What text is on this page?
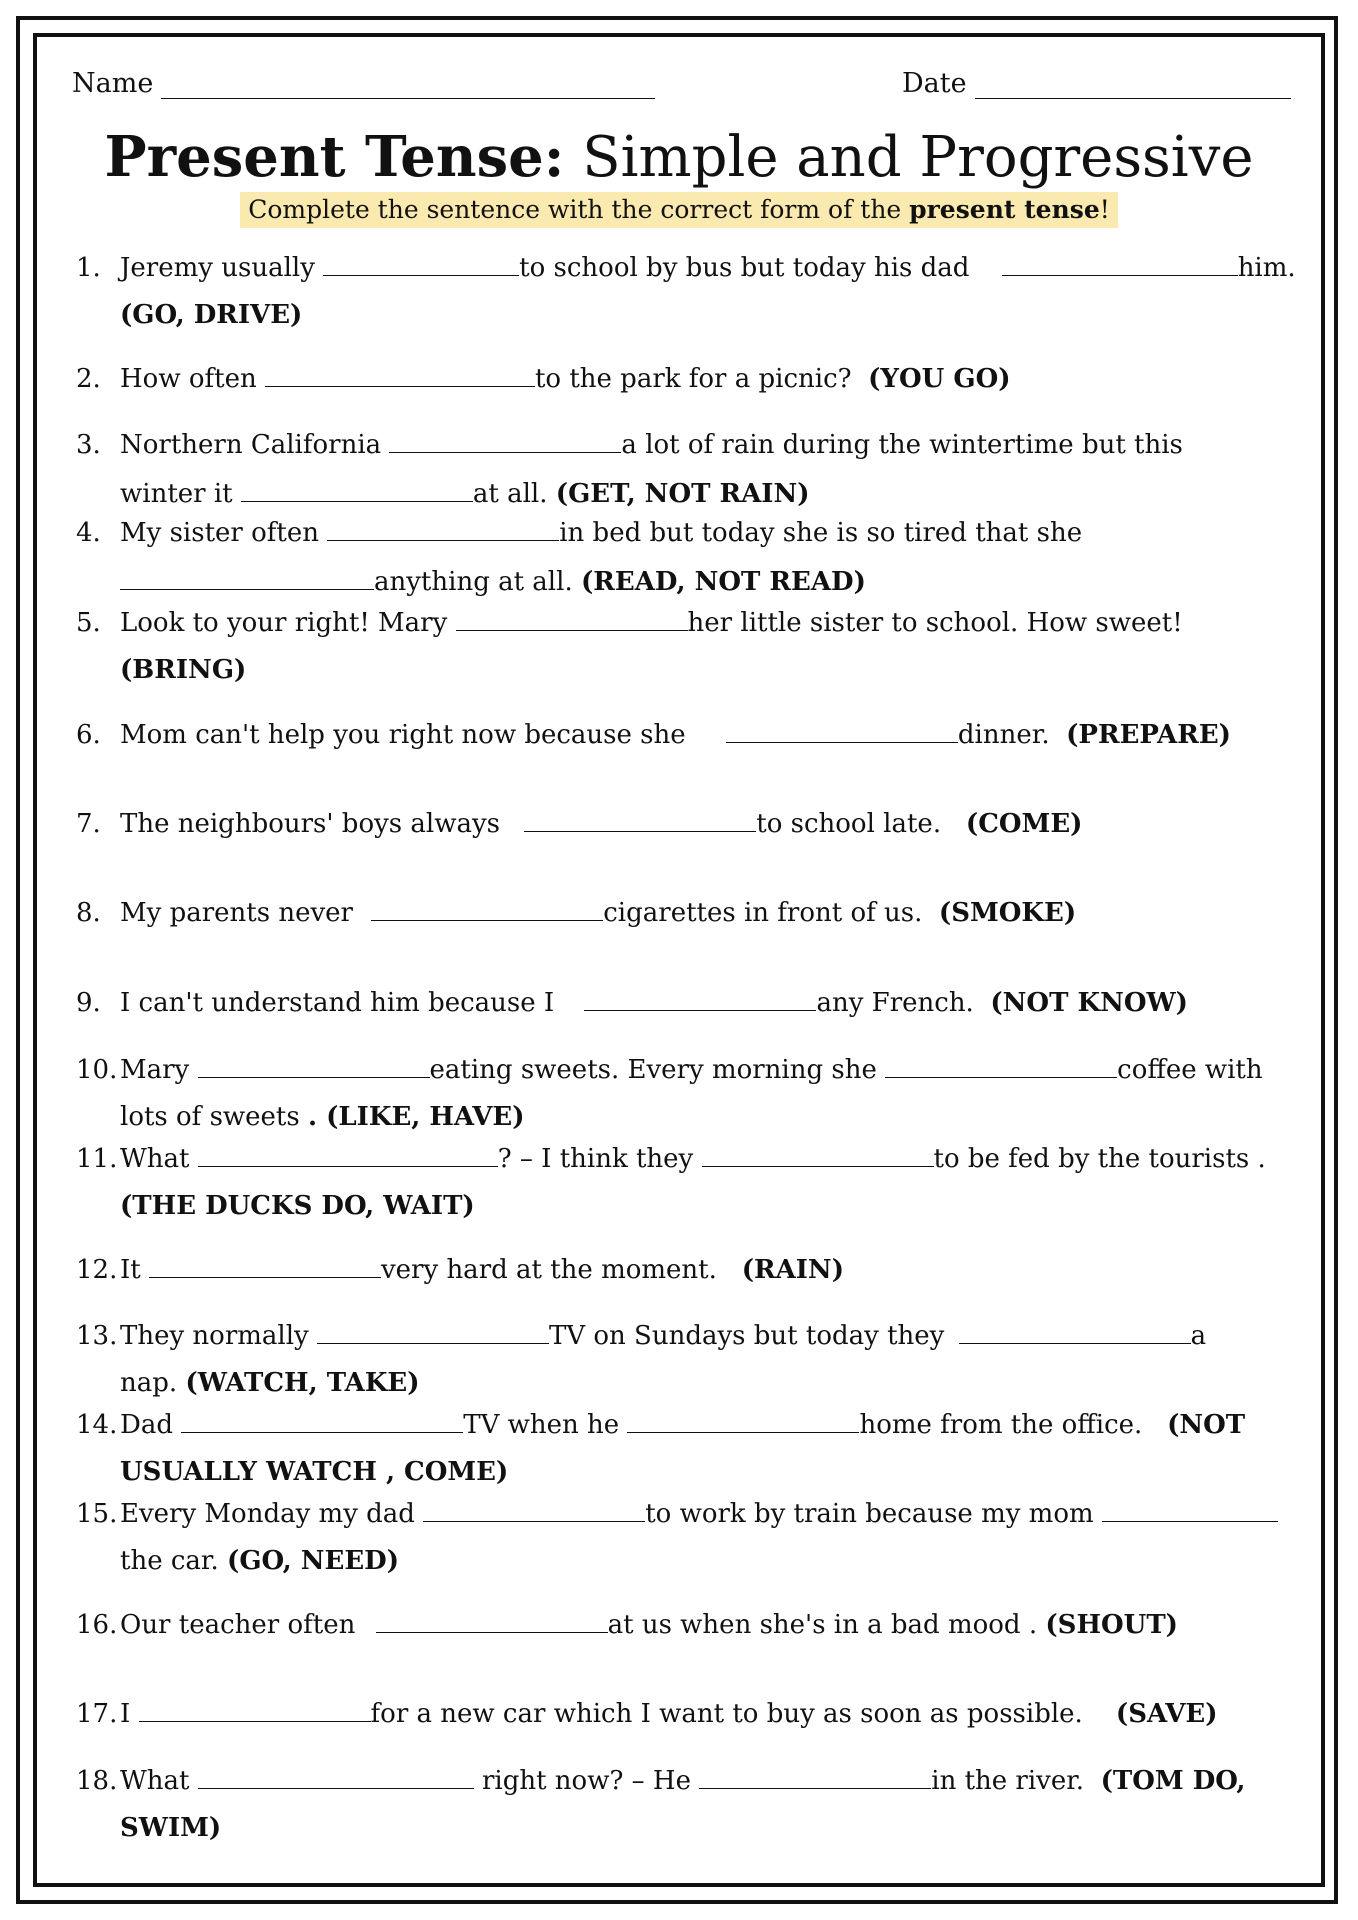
Name	Date
Present Tense: Simple and Progressive
Complete the sentence with the correct form of the present tense!
1. Jeremy usually	to school by bus but today his dad	him.
(GO, DRIVE)
2. How often	to the park for a picnic? (YOU GO)
3. Northern California	a lot of rain during the wintertime but this
winter it	at all. (GET, NOT RAIN)
4. My sister often	in bed but today she is so tired that she
anything at all. (READ, NOT READ)
5. Look to your right! Mary	her little sister to school. How sweet!
(BRING)
6. Mom can't help you right now because she	dinner. (PREPARE)
7. The neighbours' boys always	to school late. (COME)
8. My parents never	cigarettes in front of us. (SMOKE)
9. I can't understand him because I	any French. (NOT KNOW)
10. Mary	eating sweets. Every morning she	coffee with
lots of sweets . (LIKE, HAVE)
11. What	? – I think they	to be fed by the tourists .
(THE DUCKS DO, WAIT)
12. It	very hard at the moment. (RAIN)
13. They normally	TV on Sundays but today they	a
nap. (WATCH, TAKE)
14. Dad	TV when he	home from the office. (NOT
USUALLY WATCH , COME)
15. Every Monday my dad	to work by train because my mom
the car. (GO, NEED)
16. Our teacher often	at us when she's in a bad mood . (SHOUT)
17. I	for a new car which I want to buy as soon as possible. (SAVE)
18. What	right now? – He	in the river. (TOM DO,
SWIM)
